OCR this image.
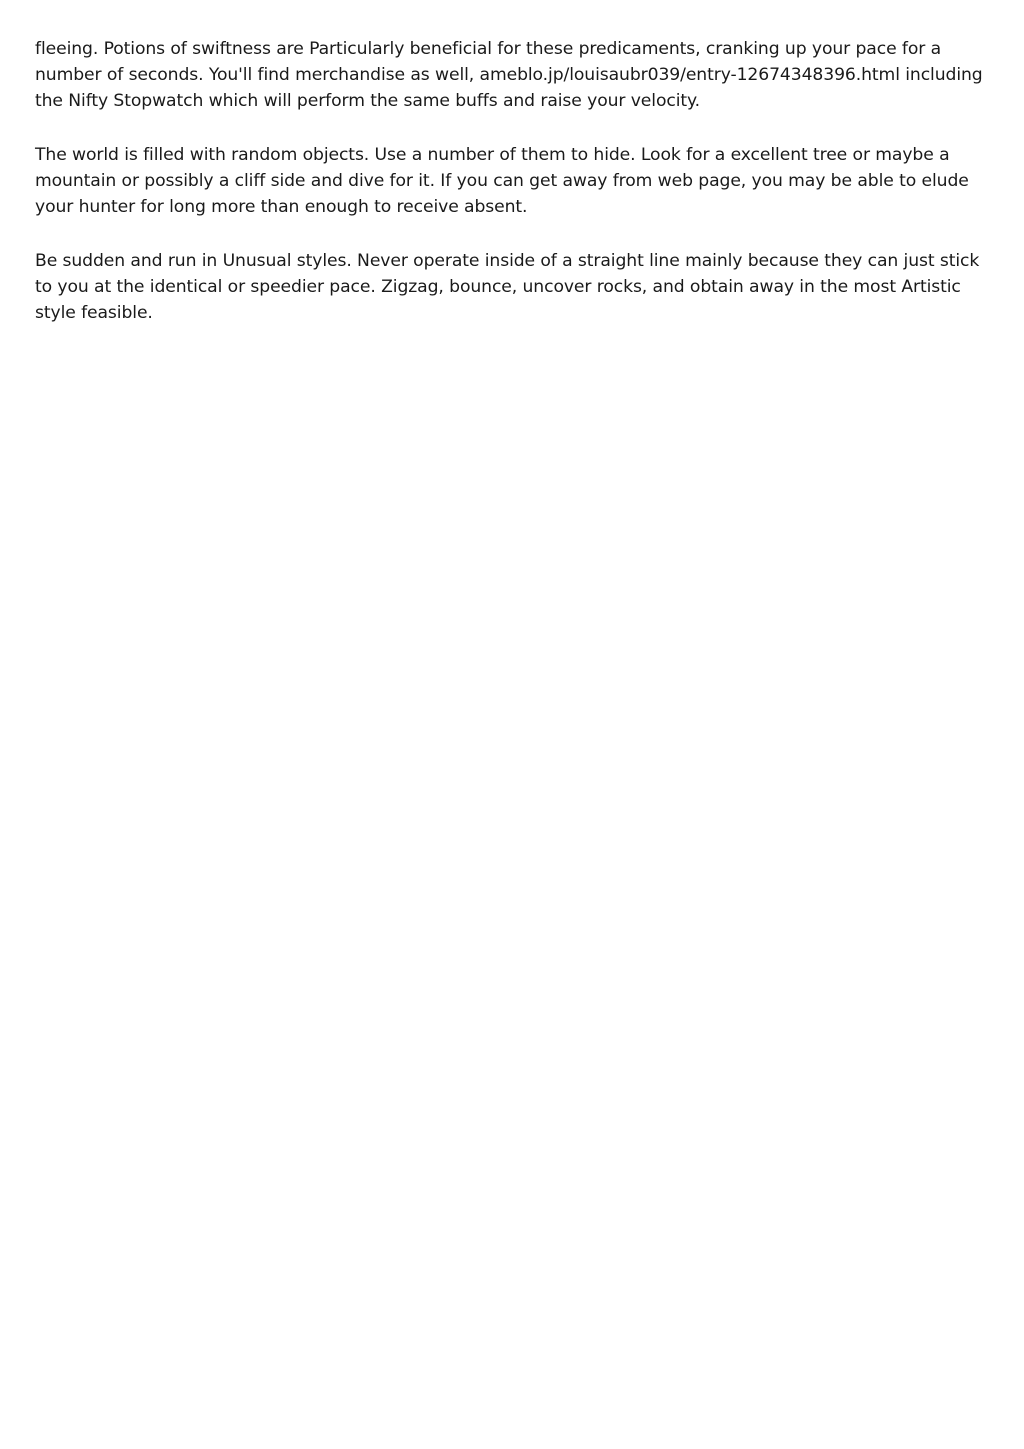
fleeing. Potions of swiftness are Particularly beneficial for these predicaments, cranking up your pace for a number of seconds. You'll find merchandise as well, ameblo.jp/louisaubr039/entry-12674348396.html including the Nifty Stopwatch which will perform the same buffs and raise your velocity.

The world is filled with random objects. Use a number of them to hide. Look for a excellent tree or maybe a mountain or possibly a cliff side and dive for it. If you can get away from web page, you may be able to elude your hunter for long more than enough to receive absent.

Be sudden and run in Unusual styles. Never operate inside of a straight line mainly because they can just stick to you at the identical or speedier pace. Zigzag, bounce, uncover rocks, and obtain away in the most Artistic style feasible.
